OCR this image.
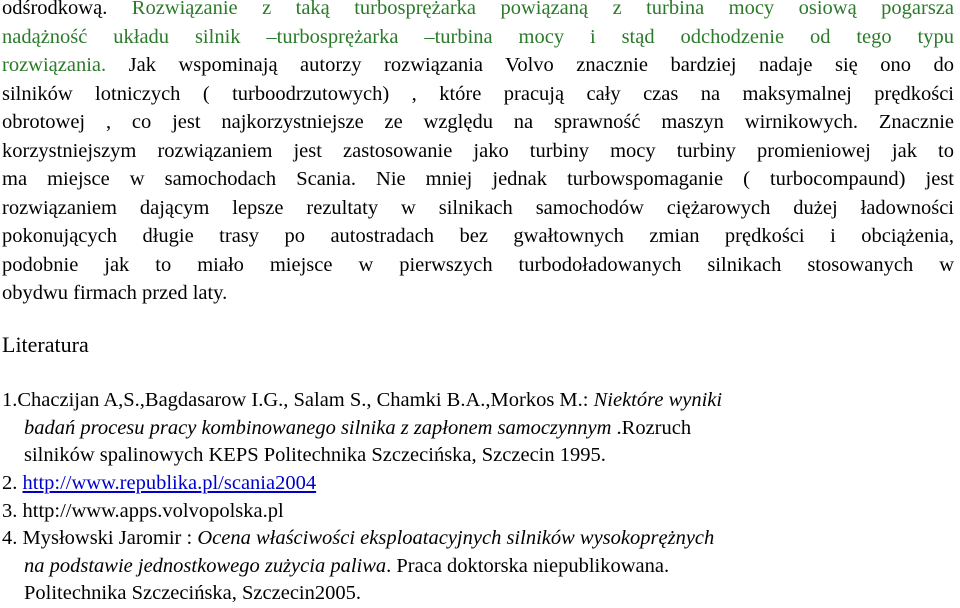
odśrodkową. Rozwiązanie z taką turbosprężarka powiązaną z turbina mocy osiową pogarsza
nadążność układu silnik –turbosprężarka –turbina mocy i stąd odchodzenie od tego typu
rozwiązania. Jak wspominają autorzy rozwiązania Volvo znacznie bardziej nadaje się ono do
silników lotniczych ( turboodrzutowych) , które pracują cały czas na maksymalnej prędkości
obrotowej , co jest najkorzystniejsze ze względu na sprawność maszyn wirnikowych. Znacznie
korzystniejszym rozwiązaniem jest zastosowanie jako turbiny mocy turbiny promieniowej jak to
ma miejsce w samochodach Scania. Nie mniej jednak turbowspomaganie ( turbocompaund) jest
rozwiązaniem dającym lepsze rezultaty w silnikach samochodów ciężarowych dużej ładowności
pokonujących długie trasy po autostradach bez gwałtownych zmian prędkości i obciążenia,
podobnie jak to miało miejsce w pierwszych turbodoładowanych silnikach stosowanych w
obydwu firmach przed laty.
Literatura
1.Chaczijan A,S.,Bagdasarow I.G., Salam S., Chamki B.A.,Morkos M.: Niektóre wyniki
badań procesu pracy kombinowanego silnika z zapłonem samoczynnym .Rozruch
silników spalinowych KEPS Politechnika Szczecińska, Szczecin 1995.
2. http://www.republika.pl/scania2004
3. http://www.apps.volvopolska.pl
4. Mysłowski Jaromir : Ocena właściwości eksploatacyjnych silników wysokoprężnych
na podstawie jednostkowego zużycia paliwa. Praca doktorska niepublikowana.
Politechnika Szczecińska, Szczecin2005.
